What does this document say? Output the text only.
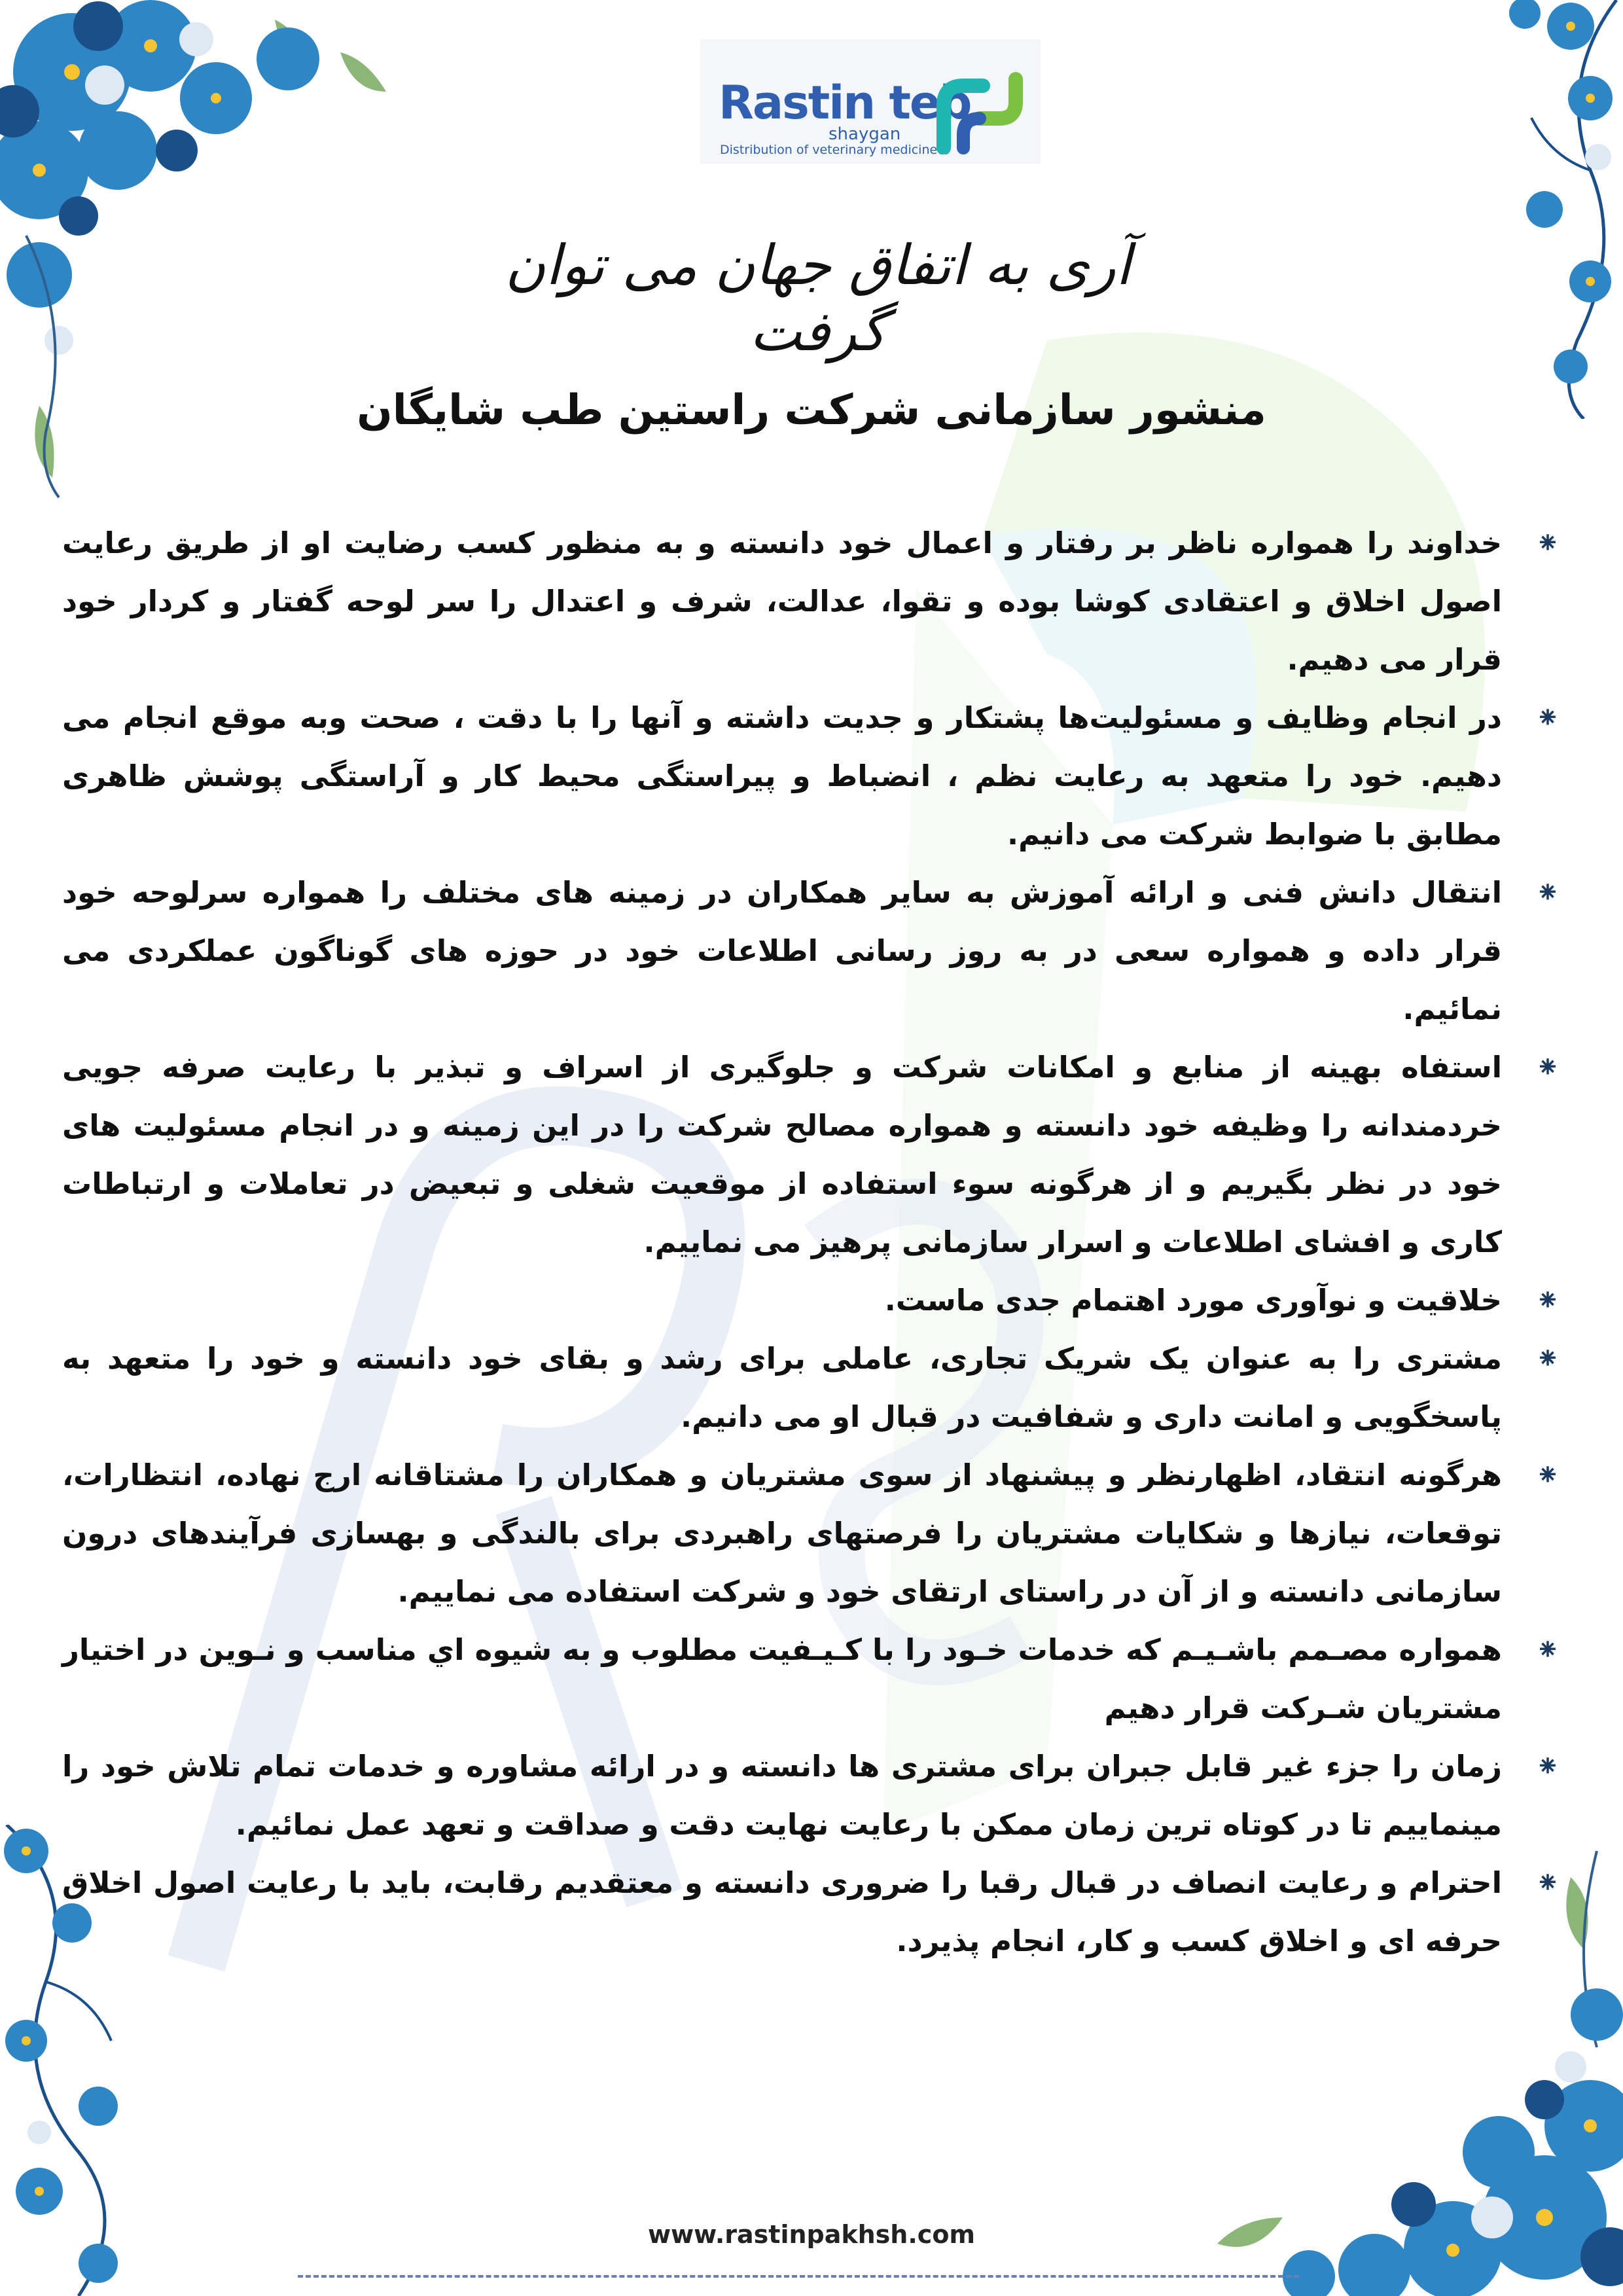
Rastin teb
shaygan
Distribution of veterinary medicine
آری به اتفاق جهان می توان گرفت
منشور سازمانی شرکت راستین طب شایگان
⁕
خداوند را همواره ناظر بر رفتار و اعمال خود دانسته و به منظور کسب رضایت او از طریق رعایت اصول اخلاق و اعتقادی کوشا بوده و تقوا، عدالت، شرف و اعتدال را سر لوحه گفتار و کردار خود قرار می دهیم.
⁕
در انجام وظایف و مسئولیت‌ها پشتکار و جدیت داشته و آنها را با دقت ، صحت وبه موقع انجام می دهیم. خود را متعهد به رعایت نظم ، انضباط و پیراستگی محیط کار و آراستگی پوشش ظاهری مطابق با ضوابط شرکت می دانیم.
⁕
انتقال دانش فنی و ارائه آموزش به سایر همکاران در زمینه های مختلف را همواره سرلوحه خود قرار داده و همواره سعی در به روز رسانی اطلاعات خود در حوزه های گوناگون عملکردی می نمائیم.
⁕
استفاه بهینه از منابع و امکانات شرکت و جلوگیری از اسراف و تبذیر با رعایت صرفه جویی خردمندانه را وظیفه خود دانسته و همواره مصالح شرکت را در این زمینه و در انجام مسئولیت های خود در نظر بگیریم و از هرگونه سوء استفاده از موقعیت شغلی و تبعیض در تعاملات و ارتباطات کاری و افشای اطلاعات و اسرار سازمانی پرهیز می نماییم.
⁕
خلاقیت و نوآوری مورد اهتمام جدی ماست.
⁕
مشتری را به عنوان یک شریک تجاری، عاملی برای رشد و بقای خود دانسته و خود را متعهد به پاسخگویی و امانت داری و شفافیت در قبال او می دانیم.
⁕
هرگونه انتقاد، اظهارنظر و پیشنهاد از سوی مشتریان و همکاران را مشتاقانه ارج نهاده، انتظارات، توقعات، نیازها و شکایات مشتریان را فرصتهای راهبردی برای بالندگی و بهسازی فرآیندهای درون سازمانی دانسته و از آن در راستای ارتقای خود و شرکت استفاده می نماییم.
⁕
همواره مصـمم باشـیـم که خدمات خـود را با کـیـفیت مطلوب و به شیوه اي مناسب و نـوین در اختیار مشتریان شـرکت قرار دهیم
⁕
زمان را جزء غیر قابل جبران برای مشتری ها دانسته و در ارائه مشاوره و خدمات تمام تلاش خود را مینماییم تا در کوتاه ترین زمان ممکن با رعایت نهایت دقت و صداقت و تعهد عمل نمائیم.
⁕
احترام و رعایت انصاف در قبال رقبا را ضروری دانسته و معتقدیم رقابت، باید با رعایت اصول اخلاق حرفه ای و اخلاق کسب و کار، انجام پذیرد.
www.rastinpakhsh.com
